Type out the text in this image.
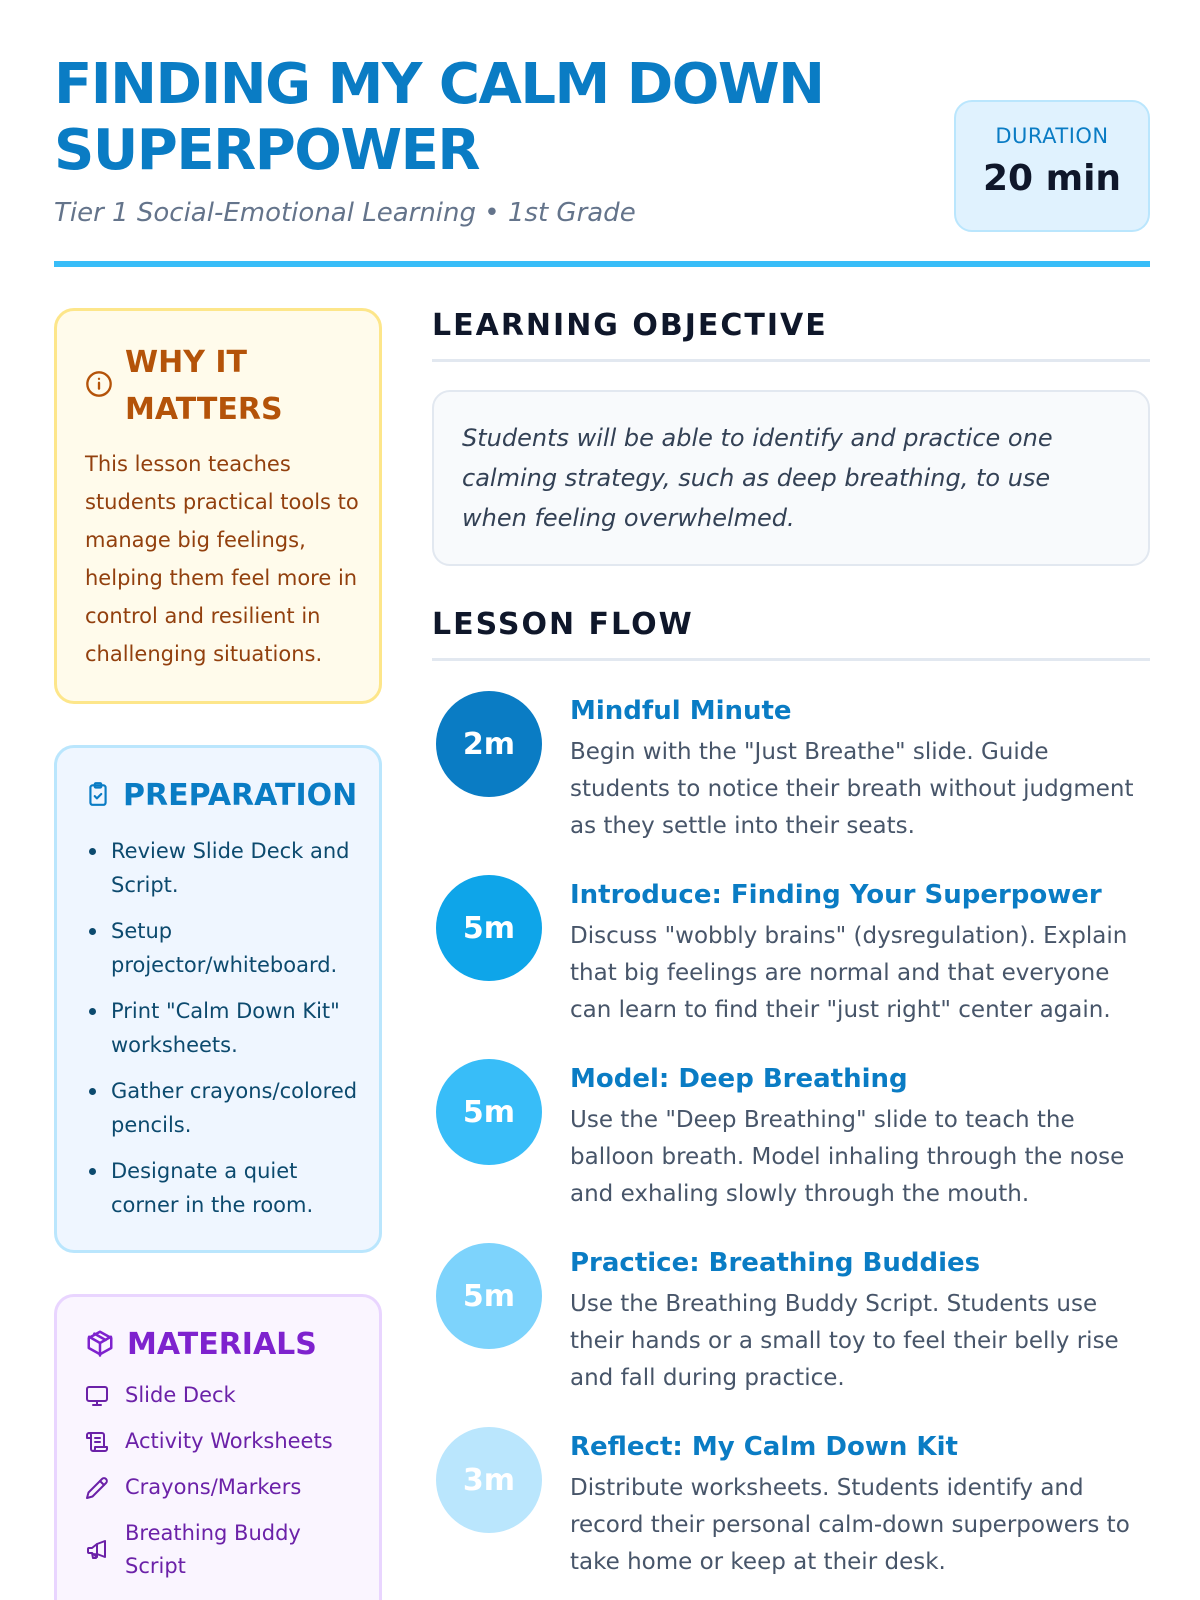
FINDING MY CALM DOWN SUPERPOWER
Tier 1 Social-Emotional Learning • 1st Grade
DURATION
20 min
WHY IT MATTERS

This lesson teaches students practical tools to manage big feelings, helping them feel more in control and resilient in challenging situations.

PREPARATION
Review Slide Deck and Script.
Setup projector/whiteboard.
Print "Calm Down Kit" worksheets.
Gather crayons/colored pencils.
Designate a quiet corner in the room.
MATERIALS
Slide Deck
Activity Worksheets
Crayons/Markers
Breathing Buddy Script
LEARNING OBJECTIVE
Students will be able to identify and practice one calming strategy, such as deep breathing, to use when feeling overwhelmed.
LESSON FLOW
2m
Mindful Minute
Begin with the "Just Breathe" slide. Guide students to notice their breath without judgment as they settle into their seats.
5m
Introduce: Finding Your Superpower
Discuss "wobbly brains" (dysregulation). Explain that big feelings are normal and that everyone can learn to find their "just right" center again.
5m
Model: Deep Breathing
Use the "Deep Breathing" slide to teach the balloon breath. Model inhaling through the nose and exhaling slowly through the mouth.
5m
Practice: Breathing Buddies
Use the Breathing Buddy Script. Students use their hands or a small toy to feel their belly rise and fall during practice.
3m
Reflect: My Calm Down Kit
Distribute worksheets. Students identify and record their personal calm-down superpowers to take home or keep at their desk.
